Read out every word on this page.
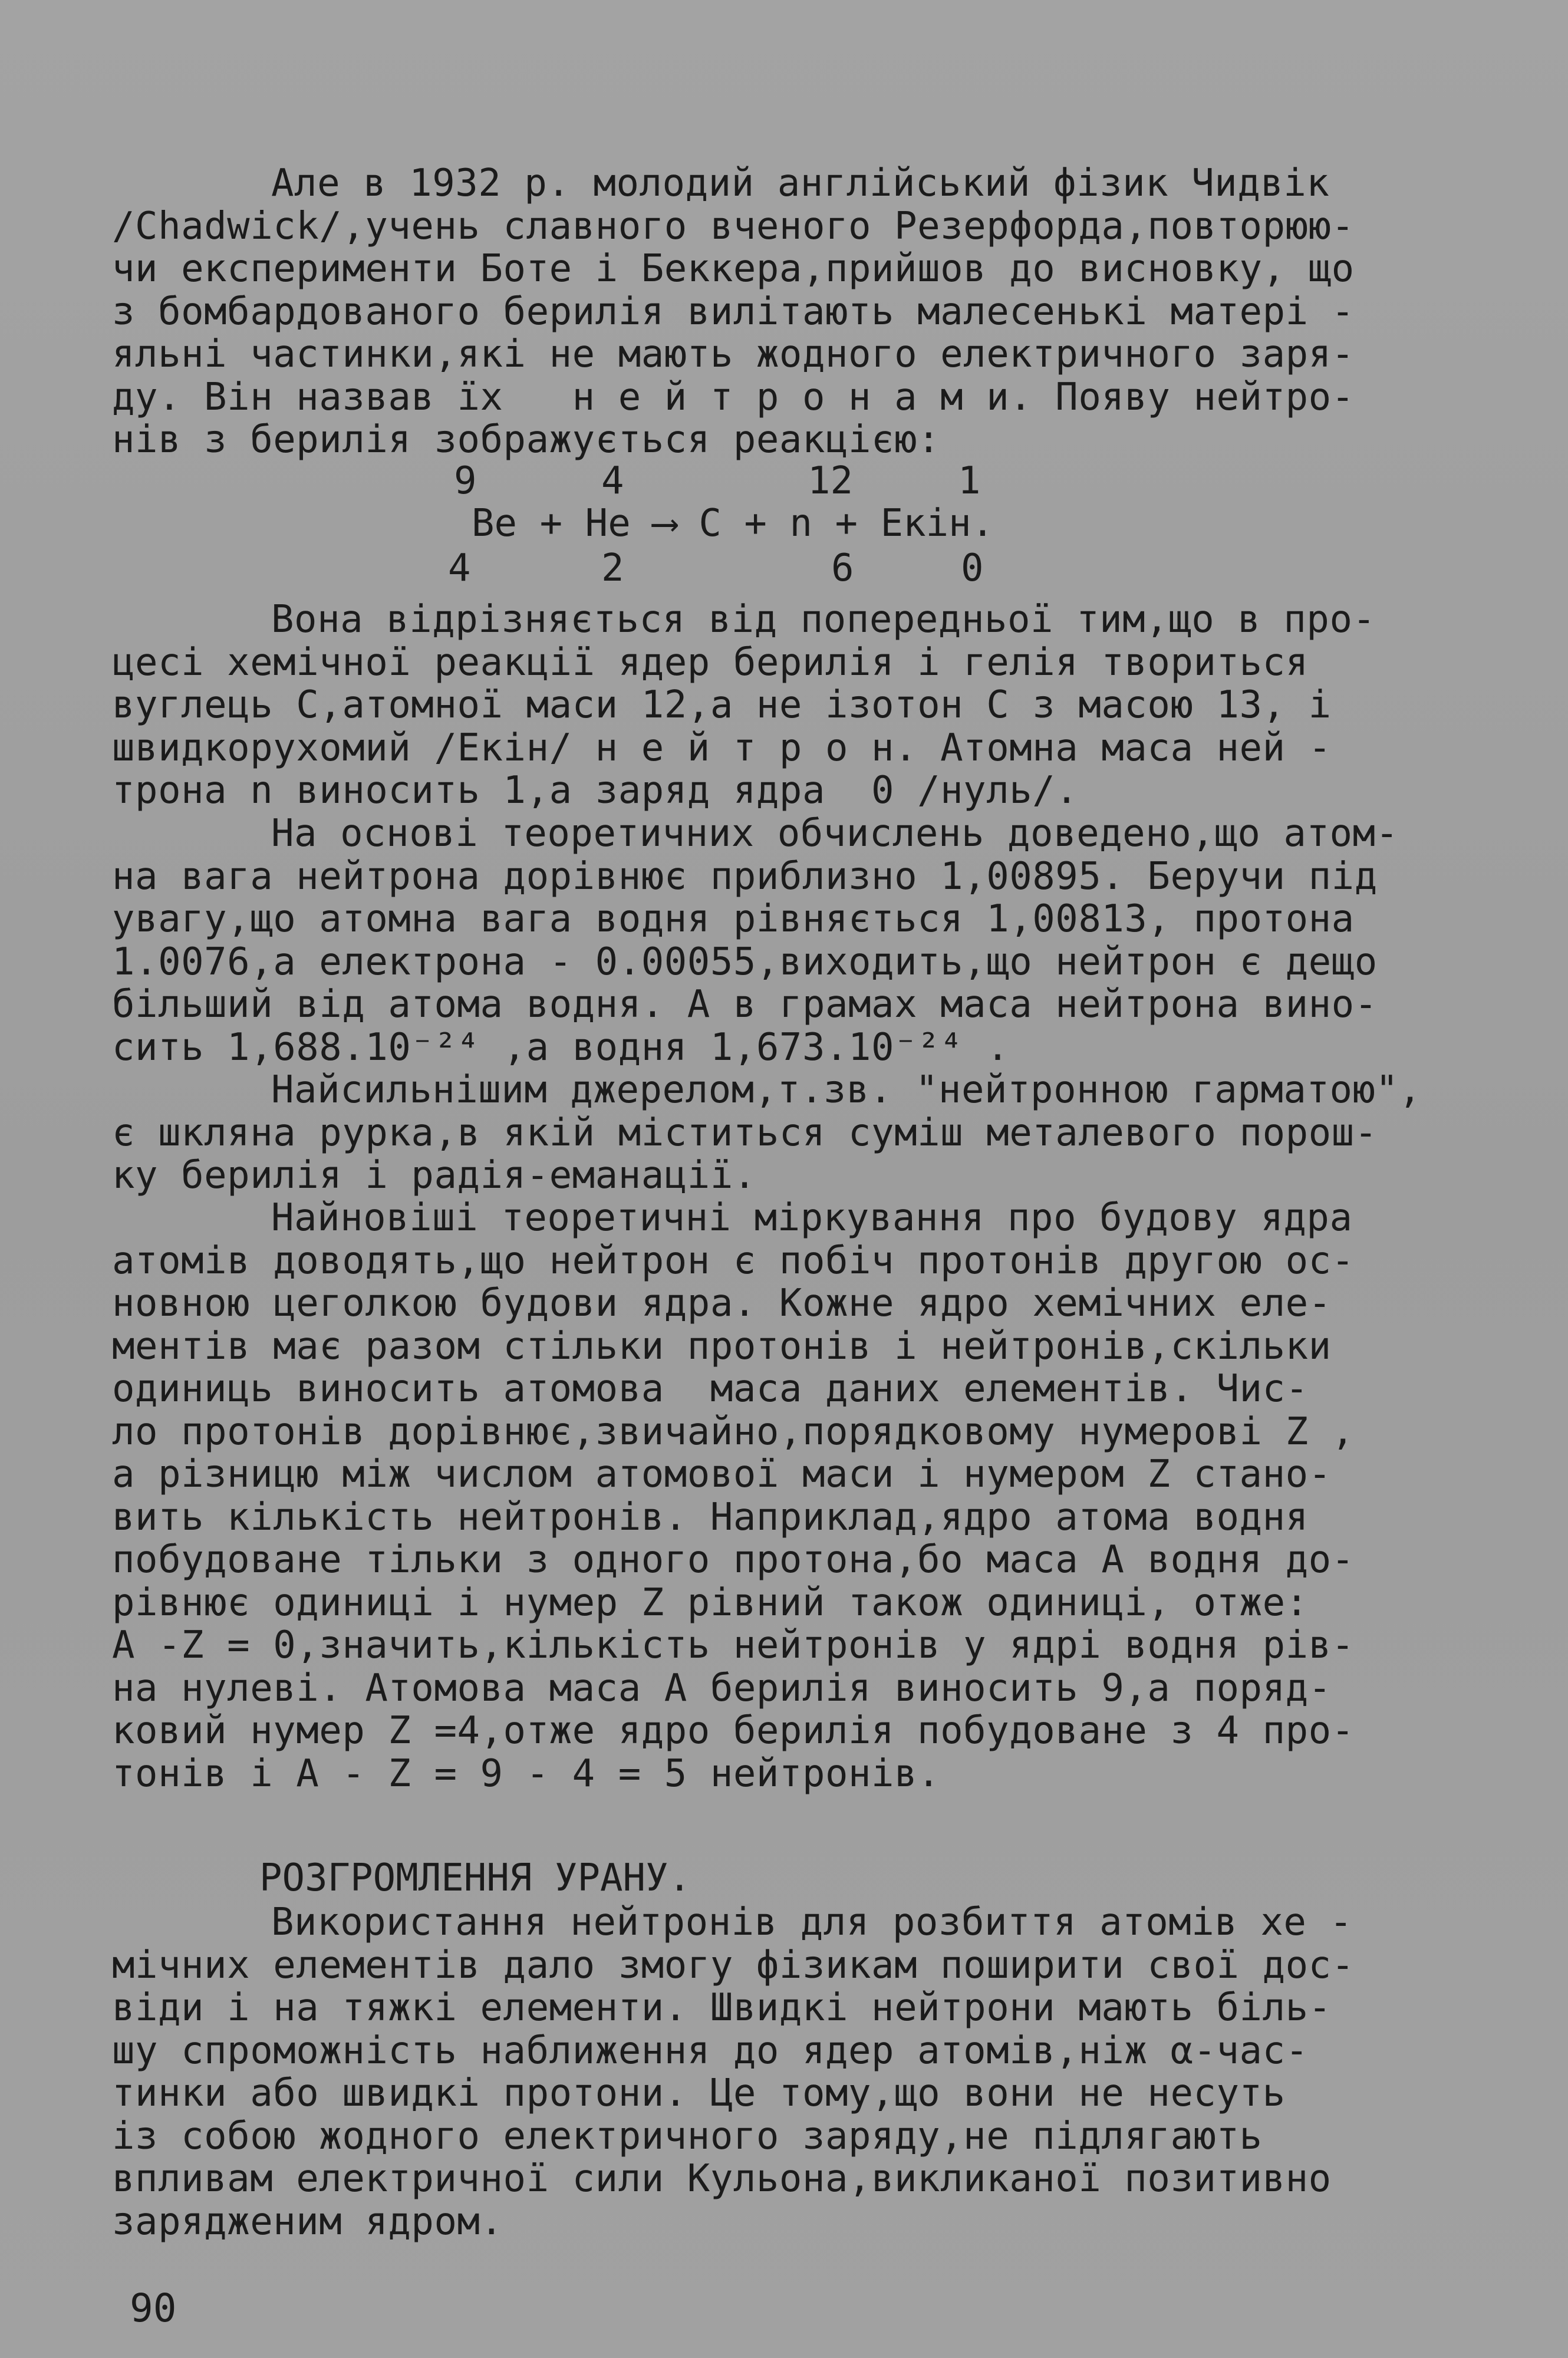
Але в 1932 р. молодий англійський фізик Чидвік
/Chadwick/,учень славного вченого Резерфорда,повторюю-
чи експерименти Боте і Беккера,прийшов до висновку, що
з бомбардованого берилія вилітають малесенькі матері -
яльні частинки,які не мають жодного електричного заря-
ду. Він назвав їх н е й т р о н а м и. Появу нейтро-
нів з берилія зображується реакцією:
9	4	12	1
Be + He ⟶ C + n + Eкін.
4	2	6	0
Вона відрізняється від попередньої тим,що в про-
цесі хемічної реакції ядер берилія і гелія твориться
вуглець С,атомної маси 12,а не ізотон С з масою 13, і
швидкорухомий /Eкін/ н е й т р о н. Атомна маса ней -
трона n виносить 1,а заряд ядра  0 /нуль/.
На основі теоретичних обчислень доведено,що атом-
на вага нейтрона дорівнює приблизно 1,00895. Беручи під
увагу,що атомна вага водня рівняється 1,00813, протона
1.0076,а електрона - 0.00055,виходить,що нейтрон є дещо
більший від атома водня. А в грамах маса нейтрона вино-
сить 1,688.10⁻²⁴ ,а водня 1,673.10⁻²⁴ .
Найсильнішим джерелом,т.зв. "нейтронною гарматою",
є шкляна рурка,в якій міститься суміш металевого порош-
ку берилія і радія-еманації.
Найновіші теоретичні міркування про будову ядра
атомів доводять,що нейтрон є побіч протонів другою ос-
новною цеголкою будови ядра. Кожне ядро хемічних еле-
ментів має разом стільки протонів і нейтронів,скільки
одиниць виносить атомова  маса даних елементів. Чис-
ло протонів дорівнює,звичайно,порядковому нумерові Z ,
а різницю між числом атомової маси і нумером Z стано-
вить кількість нейтронів. Наприклад,ядро атома водня
побудоване тільки з одного протона,бо маса А водня до-
рівнює одиниці і нумер Z рівний також одиниці, отже:
А -Z = 0,значить,кількість нейтронів у ядрі водня рів-
на нулеві. Атомова маса А берилія виносить 9,а поряд-
ковий нумер Z =4,отже ядро берилія побудоване з 4 про-
тонів і А - Z = 9 - 4 = 5 нейтронів.
РОЗГРОМЛЕННЯ УРАНУ.
Використання нейтронів для розбиття атомів хе -
мічних елементів дало змогу фізикам поширити свої дос-
віди і на тяжкі елементи. Швидкі нейтрони мають біль-
шу спроможність наближення до ядер атомів,ніж α-час-
тинки або швидкі протони. Це тому,що вони не несуть
із собою жодного електричного заряду,не підлягають
впливам електричної сили Кульона,викликаної позитивно
зарядженим ядром.
90
